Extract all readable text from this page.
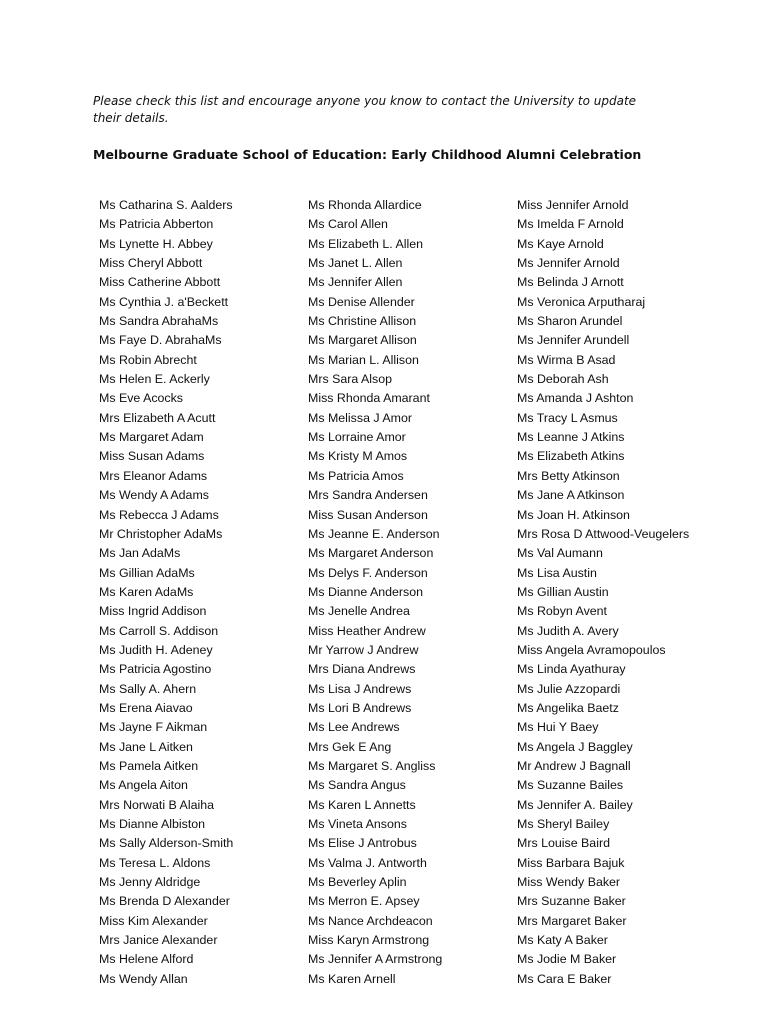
Please check this list and encourage anyone you know to contact the University to update their details.

Melbourne Graduate School of Education: Early Childhood Alumni Celebration

Ms Catharina S. Aalders
Ms Patricia Abberton
Ms Lynette H. Abbey
Miss Cheryl Abbott
Miss Catherine Abbott
Ms Cynthia J. a'Beckett
Ms Sandra AbrahaMs
Ms Faye D. AbrahaMs
Ms Robin Abrecht
Ms Helen E. Ackerly
Ms Eve Acocks
Mrs Elizabeth A Acutt
Ms Margaret Adam
Miss Susan Adams
Mrs Eleanor Adams
Ms Wendy A Adams
Ms Rebecca J Adams
Mr Christopher AdaMs
Ms Jan AdaMs
Ms Gillian AdaMs
Ms Karen AdaMs
Miss Ingrid Addison
Ms Carroll S. Addison
Ms Judith H. Adeney
Ms Patricia Agostino
Ms Sally A. Ahern
Ms Erena Aiavao
Ms Jayne F Aikman
Ms Jane L Aitken
Ms Pamela Aitken
Ms Angela Aiton
Mrs Norwati B Alaiha
Ms Dianne Albiston
Ms Sally Alderson-Smith
Ms Teresa L. Aldons
Ms Jenny Aldridge
Ms Brenda D Alexander
Miss Kim Alexander
Mrs Janice Alexander
Ms Helene Alford
Ms Wendy Allan
Ms Rhonda Allardice
Ms Carol Allen
Ms Elizabeth L. Allen
Ms Janet L. Allen
Ms Jennifer Allen
Ms Denise Allender
Ms Christine Allison
Ms Margaret Allison
Ms Marian L. Allison
Mrs Sara Alsop
Miss Rhonda Amarant
Ms Melissa J Amor
Ms Lorraine Amor
Ms Kristy M Amos
Ms Patricia Amos
Mrs Sandra Andersen
Miss Susan Anderson
Ms Jeanne E. Anderson
Ms Margaret Anderson
Ms Delys F. Anderson
Ms Dianne Anderson
Ms Jenelle Andrea
Miss Heather Andrew
Mr Yarrow J Andrew
Mrs Diana Andrews
Ms Lisa J Andrews
Ms Lori B Andrews
Ms Lee Andrews
Mrs Gek E Ang
Ms Margaret S. Angliss
Ms Sandra Angus
Ms Karen L Annetts
Ms Vineta Ansons
Ms Elise J Antrobus
Ms Valma J. Antworth
Ms Beverley Aplin
Ms Merron E. Apsey
Ms Nance Archdeacon
Miss Karyn Armstrong
Ms Jennifer A Armstrong
Ms Karen Arnell
Miss Jennifer Arnold
Ms Imelda F Arnold
Ms Kaye Arnold
Ms Jennifer Arnold
Ms Belinda J Arnott
Ms Veronica Arputharaj
Ms Sharon Arundel
Ms Jennifer Arundell
Ms Wirma B Asad
Ms Deborah Ash
Ms Amanda J Ashton
Ms Tracy L Asmus
Ms Leanne J Atkins
Ms Elizabeth Atkins
Mrs Betty Atkinson
Ms Jane A Atkinson
Ms Joan H. Atkinson
Mrs Rosa D Attwood-Veugelers
Ms Val Aumann
Ms Lisa Austin
Ms Gillian Austin
Ms Robyn Avent
Ms Judith A. Avery
Miss Angela Avramopoulos
Ms Linda Ayathuray
Ms Julie Azzopardi
Ms Angelika Baetz
Ms Hui Y Baey
Ms Angela J Baggley
Mr Andrew J Bagnall
Ms Suzanne Bailes
Ms Jennifer A. Bailey
Ms Sheryl Bailey
Mrs Louise Baird
Miss Barbara Bajuk
Miss Wendy Baker
Mrs Suzanne Baker
Mrs Margaret Baker
Ms Katy A Baker
Ms Jodie M Baker
Ms Cara E Baker
